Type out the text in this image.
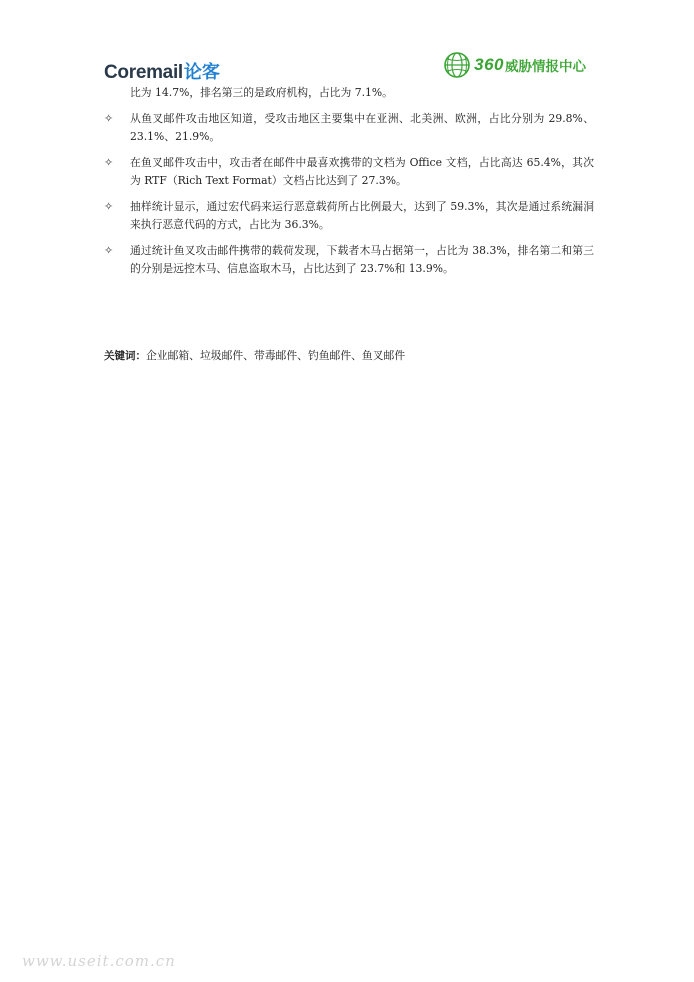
Coremail 论客	360 威胁情报中心
比为 14.7%，排名第三的是政府机构，占比为 7.1%。
✧	从鱼叉邮件攻击地区知道，受攻击地区主要集中在亚洲、北美洲、欧洲，占比分别为 29.8%、 23.1%、21.9%。
✧	在鱼叉邮件攻击中，攻击者在邮件中最喜欢携带的文档为 Office 文档，占比高达 65.4%，其次为 RTF（Rich Text Format）文档占比达到了 27.3%。
✧	抽样统计显示，通过宏代码来运行恶意载荷所占比例最大，达到了 59.3%，其次是通过系统漏洞来执行恶意代码的方式，占比为 36.3%。
✧	通过统计鱼叉攻击邮件携带的载荷发现，下载者木马占据第一，占比为 38.3%，排名第二和第三的分别是远控木马、信息盗取木马，占比达到了 23.7%和 13.9%。
关键词：企业邮箱、垃圾邮件、带毒邮件、钓鱼邮件、鱼叉邮件
www.useit.com.cn
